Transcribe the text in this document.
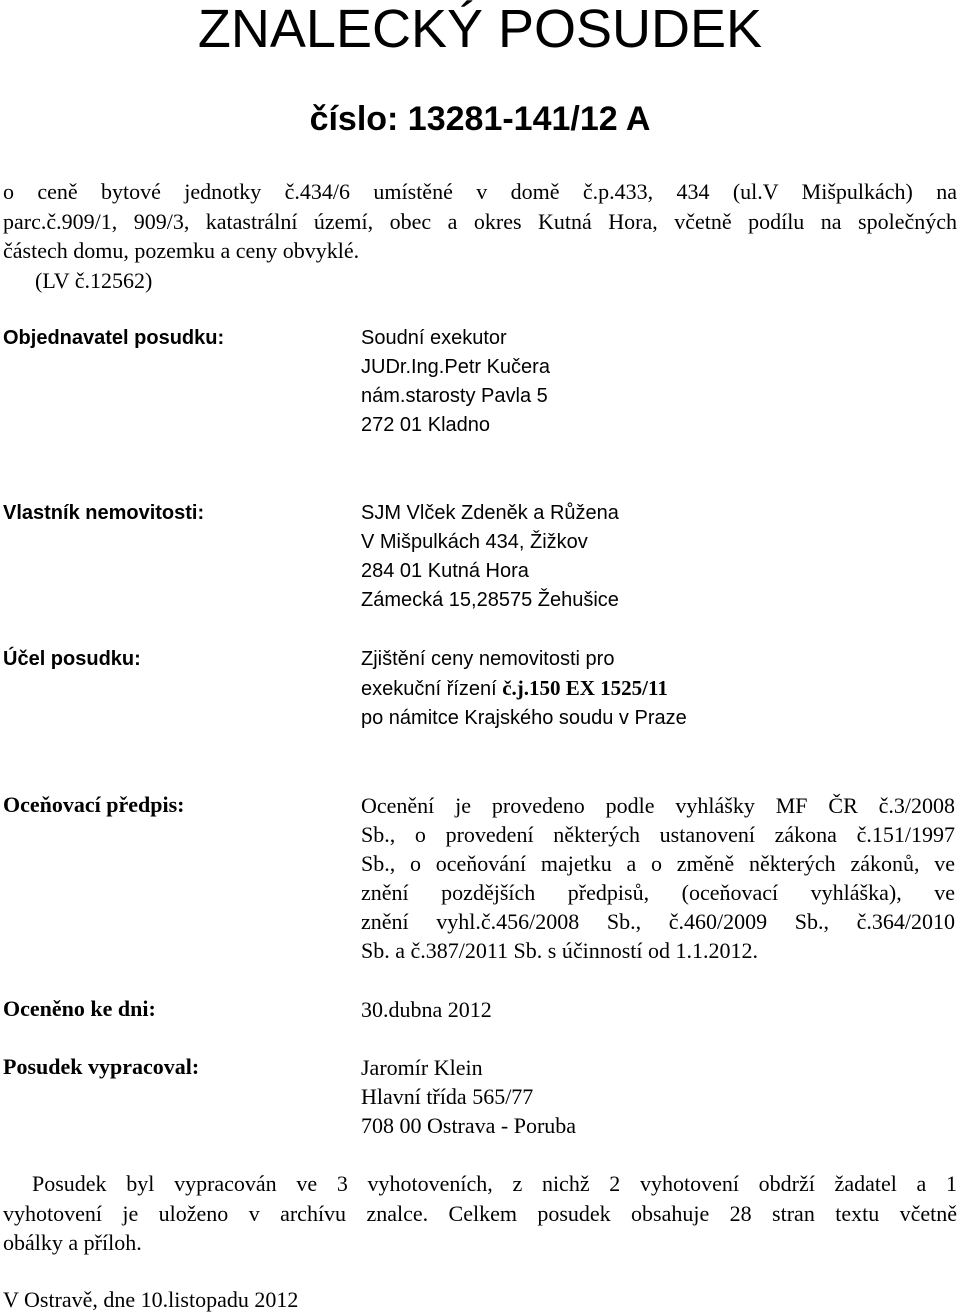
ZNALECKÝ POSUDEK
číslo: 13281-141/12 A
o ceně bytové jednotky č.434/6 umístěné v domě č.p.433, 434 (ul.V Mišpulkách) na
parc.č.909/1, 909/3, katastrální území, obec a okres Kutná Hora, včetně podílu na společných
částech domu, pozemku a ceny obvyklé.
(LV č.12562)
Objednavatel posudku:	Soudní exekutor
JUDr.Ing.Petr Kučera
nám.starosty Pavla 5
272 01 Kladno
Vlastník nemovitosti:	SJM Vlček Zdeněk a Růžena
V Mišpulkách 434, Žižkov
284 01 Kutná Hora
Zámecká 15,28575 Žehušice
Účel posudku:	Zjištění ceny nemovitosti pro
exekuční řízení č.j.150 EX 1525/11
po námitce Krajského soudu v Praze
Oceňovací předpis:	Ocenění je provedeno podle vyhlášky MF ČR č.3/2008
Sb., o provedení některých ustanovení zákona č.151/1997
Sb., o oceňování majetku a o změně některých zákonů, ve
znění pozdějších předpisů, (oceňovací vyhláška), ve
znění vyhl.č.456/2008 Sb., č.460/2009 Sb., č.364/2010
Sb. a č.387/2011 Sb. s účinností od 1.1.2012.
Oceněno ke dni:	30.dubna 2012
Posudek vypracoval:	Jaromír Klein
Hlavní třída 565/77
708 00 Ostrava - Poruba
Posudek byl vypracován ve 3 vyhotoveních, z nichž 2 vyhotovení obdrží žadatel a 1
vyhotovení je uloženo v archívu znalce. Celkem posudek obsahuje 28 stran textu včetně
obálky a příloh.
V Ostravě, dne 10.listopadu 2012
